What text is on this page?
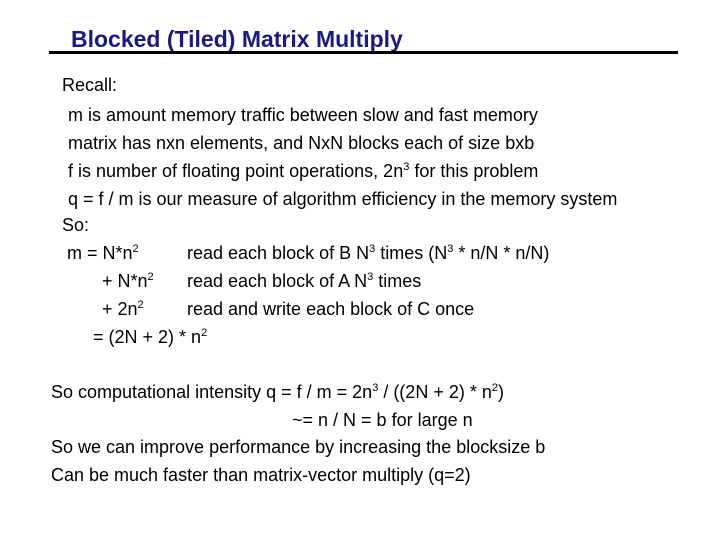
Blocked (Tiled) Matrix Multiply
Recall:
m is amount memory traffic between slow and fast memory
matrix has nxn elements, and NxN blocks each of size bxb
f is number of floating point operations, $2n^3$ for this problem
q = f / m is our measure of algorithm efficiency in the memory system
So:
$m = N*n^2$	read each block of B $N^3$ times $(N^3 * n/N * n/N)$
+ $N*n^2$ read each block of A $N^3$ times
+ $2n^2$ read and write each block of C once
= $(2N + 2) * n^2$
So computational intensity $q = f / m = 2n^3 / ((2N + 2) * n^2)$
~= n / N = b for large n
So we can improve performance by increasing the blocksize b
Can be much faster than matrix-vector multiply (q=2)
